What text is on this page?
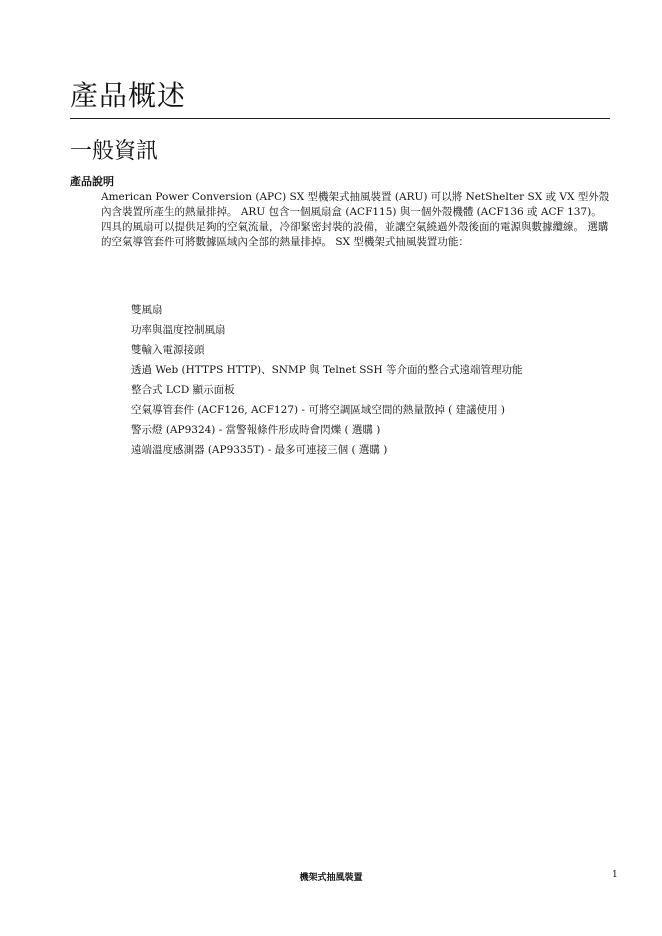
產品概述
一般資訊
產品說明

American Power Conversion (APC) SX 型機架式抽風裝置 (ARU) 可以將 NetShelter SX 或 VX 型外殼內含裝置所產生的熱量排掉。 ARU 包含一個風扇盒 (ACF115) 與一個外殼機體 (ACF136 或 ACF 137)。 四具的風扇可以提供足夠的空氣流量，冷卻緊密封裝的設備，並讓空氣繞過外殼後面的電源與數據纜線。 選購的空氣導管套件可將數據區域內全部的熱量排掉。 SX 型機架式抽風裝置功能：

雙風扇
功率與溫度控制風扇
雙輸入電源接頭
透過 Web (HTTPS HTTP)、SNMP 與 Telnet SSH 等介面的整合式遠端管理功能
整合式 LCD 顯示面板
空氣導管套件 (ACF126, ACF127) - 可將空調區域空間的熱量散掉 ( 建議使用 )
警示燈 (AP9324) - 當警報條件形成時會閃爍 ( 選購 )
遠端溫度感測器 (AP9335T) - 最多可連接三個 ( 選購 )
機架式抽風裝置	1
